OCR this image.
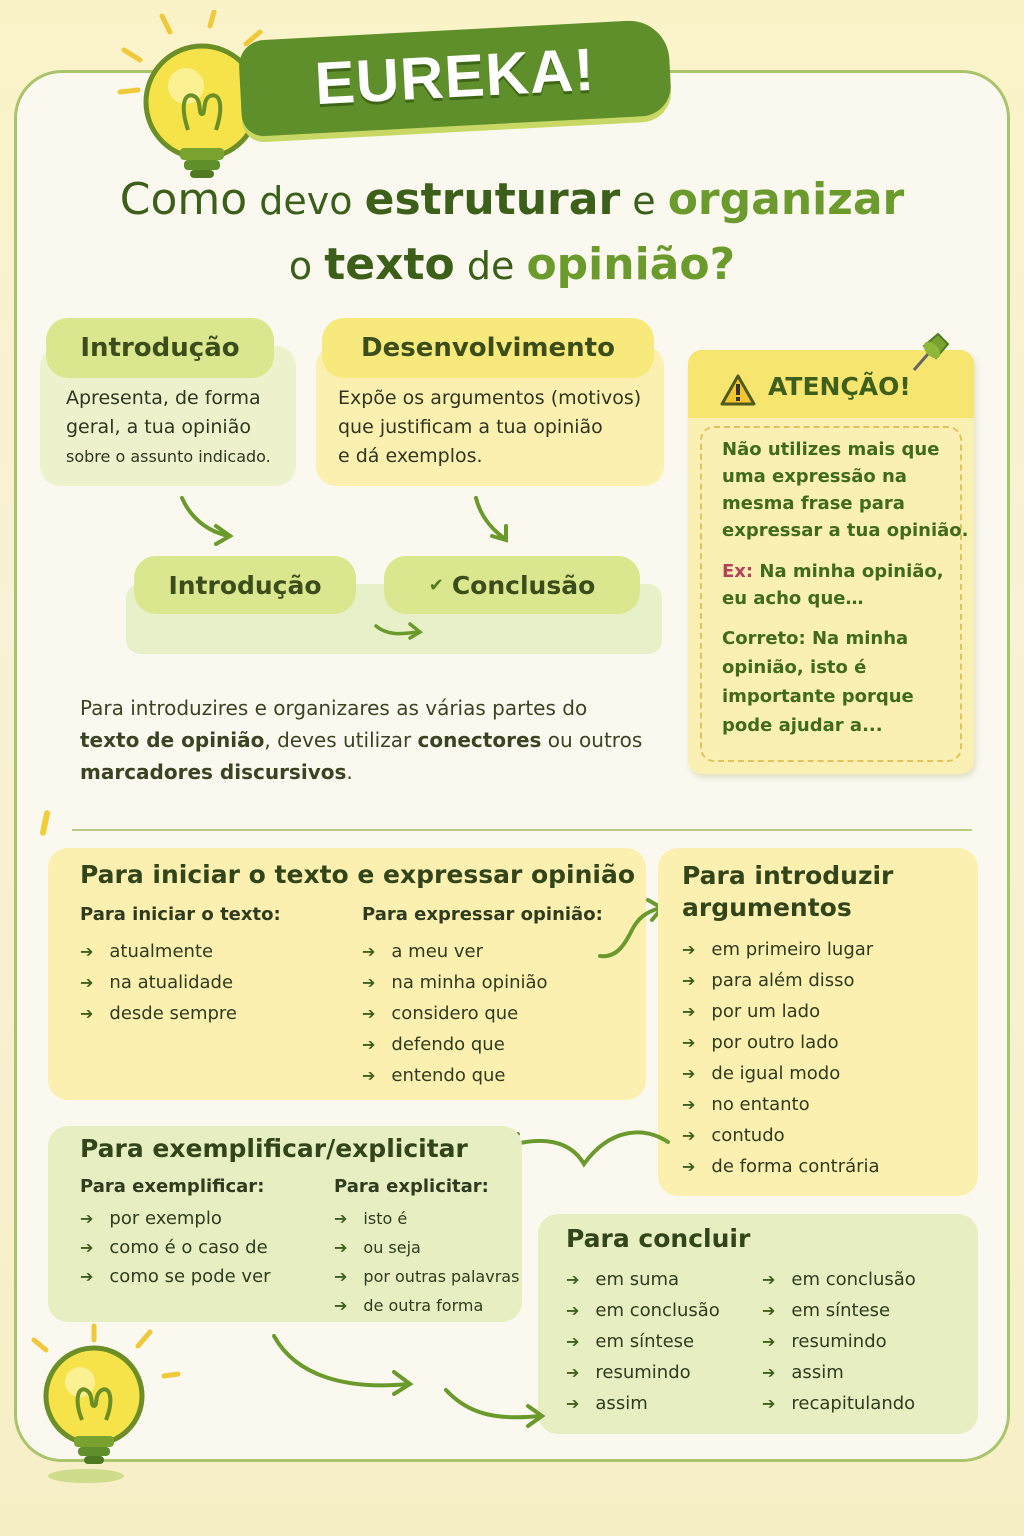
EUREKA!
Como devo estruturar e organizar
o texto de opinião?
Introdução
Apresenta, de forma
geral, a tua opinião
sobre o assunto indicado.
Desenvolvimento
Expõe os argumentos (motivos)
que justificam a tua opinião
e dá exemplos.
Introdução	✔ Conclusão
Para introduzires e organizares as várias partes do
texto de opinião, deves utilizar conectores ou outros
marcadores discursivos.
ATENÇÃO!
Não utilizes mais que
uma expressão na
mesma frase para
expressar a tua opinião.
Ex: Na minha opinião,
eu acho que…
Correto: Na minha
opinião, isto é
importante porque
pode ajudar a...
Para iniciar o texto e expressar opinião
Para iniciar o texto:
➔ atualmente
➔ na atualidade
➔ desde sempre
Para expressar opinião:
➔ a meu ver
➔ na minha opinião
➔ considero que
➔ defendo que
➔ entendo que
Para introduzir
argumentos
➔ em primeiro lugar
➔ para além disso
➔ por um lado
➔ por outro lado
➔ de igual modo
➔ no entanto
➔ contudo
➔ de forma contrária
Para exemplificar/explicitar
Para exemplificar:
➔ por exemplo
➔ como é o caso de
➔ como se pode ver
Para explicitar:
➔ isto é
➔ ou seja
➔ por outras palavras
➔ de outra forma
Para concluir
➔ em suma
➔ em conclusão
➔ em síntese
➔ resumindo
➔ assim
➔ em conclusão
➔ em síntese
➔ resumindo
➔ assim
➔ recapitulando
